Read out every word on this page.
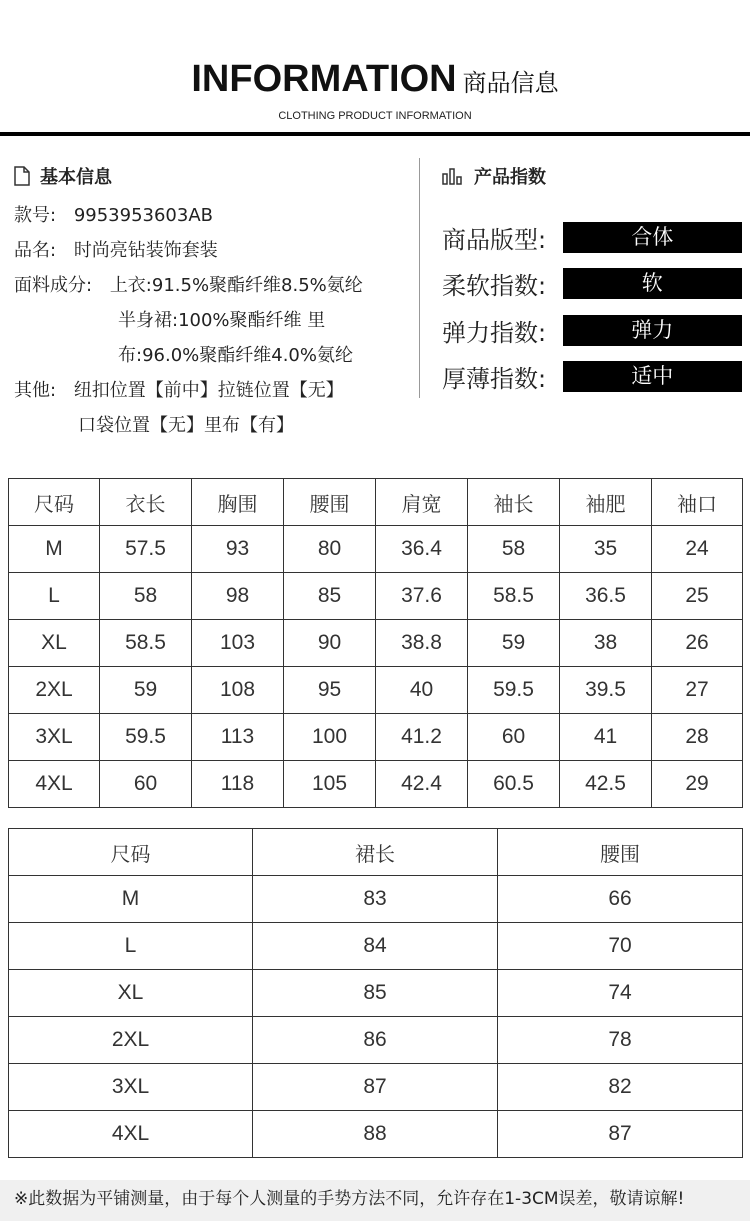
INFORMATION 商品信息
CLOTHING PRODUCT INFORMATION
基本信息
款号: 9953953603AB
品名: 时尚亮钻装饰套装
面料成分: 上衣:91.5%聚酯纤维8.5%氨纶
半身裙:100%聚酯纤维 里
布:96.0%聚酯纤维4.0%氨纶
其他: 纽扣位置【前中】拉链位置【无】
口袋位置【无】里布【有】
产品指数
商品版型:	合体
柔软指数:	软
弹力指数:	弹力
厚薄指数:	适中
尺码	衣长	胸围	腰围	肩宽	袖长	袖肥	袖口
M	57.5	93	80	36.4	58	35	24
L	58	98	85	37.6	58.5	36.5	25
XL	58.5	103	90	38.8	59	38	26
2XL	59	108	95	40	59.5	39.5	27
3XL	59.5	113	100	41.2	60	41	28
4XL	60	118	105	42.4	60.5	42.5	29
尺码	裙长	腰围
M	83	66
L	84	70
XL	85	74
2XL	86	78
3XL	87	82
4XL	88	87
※此数据为平铺测量，由于每个人测量的手势方法不同，允许存在1-3CM误差，敬请谅解!
